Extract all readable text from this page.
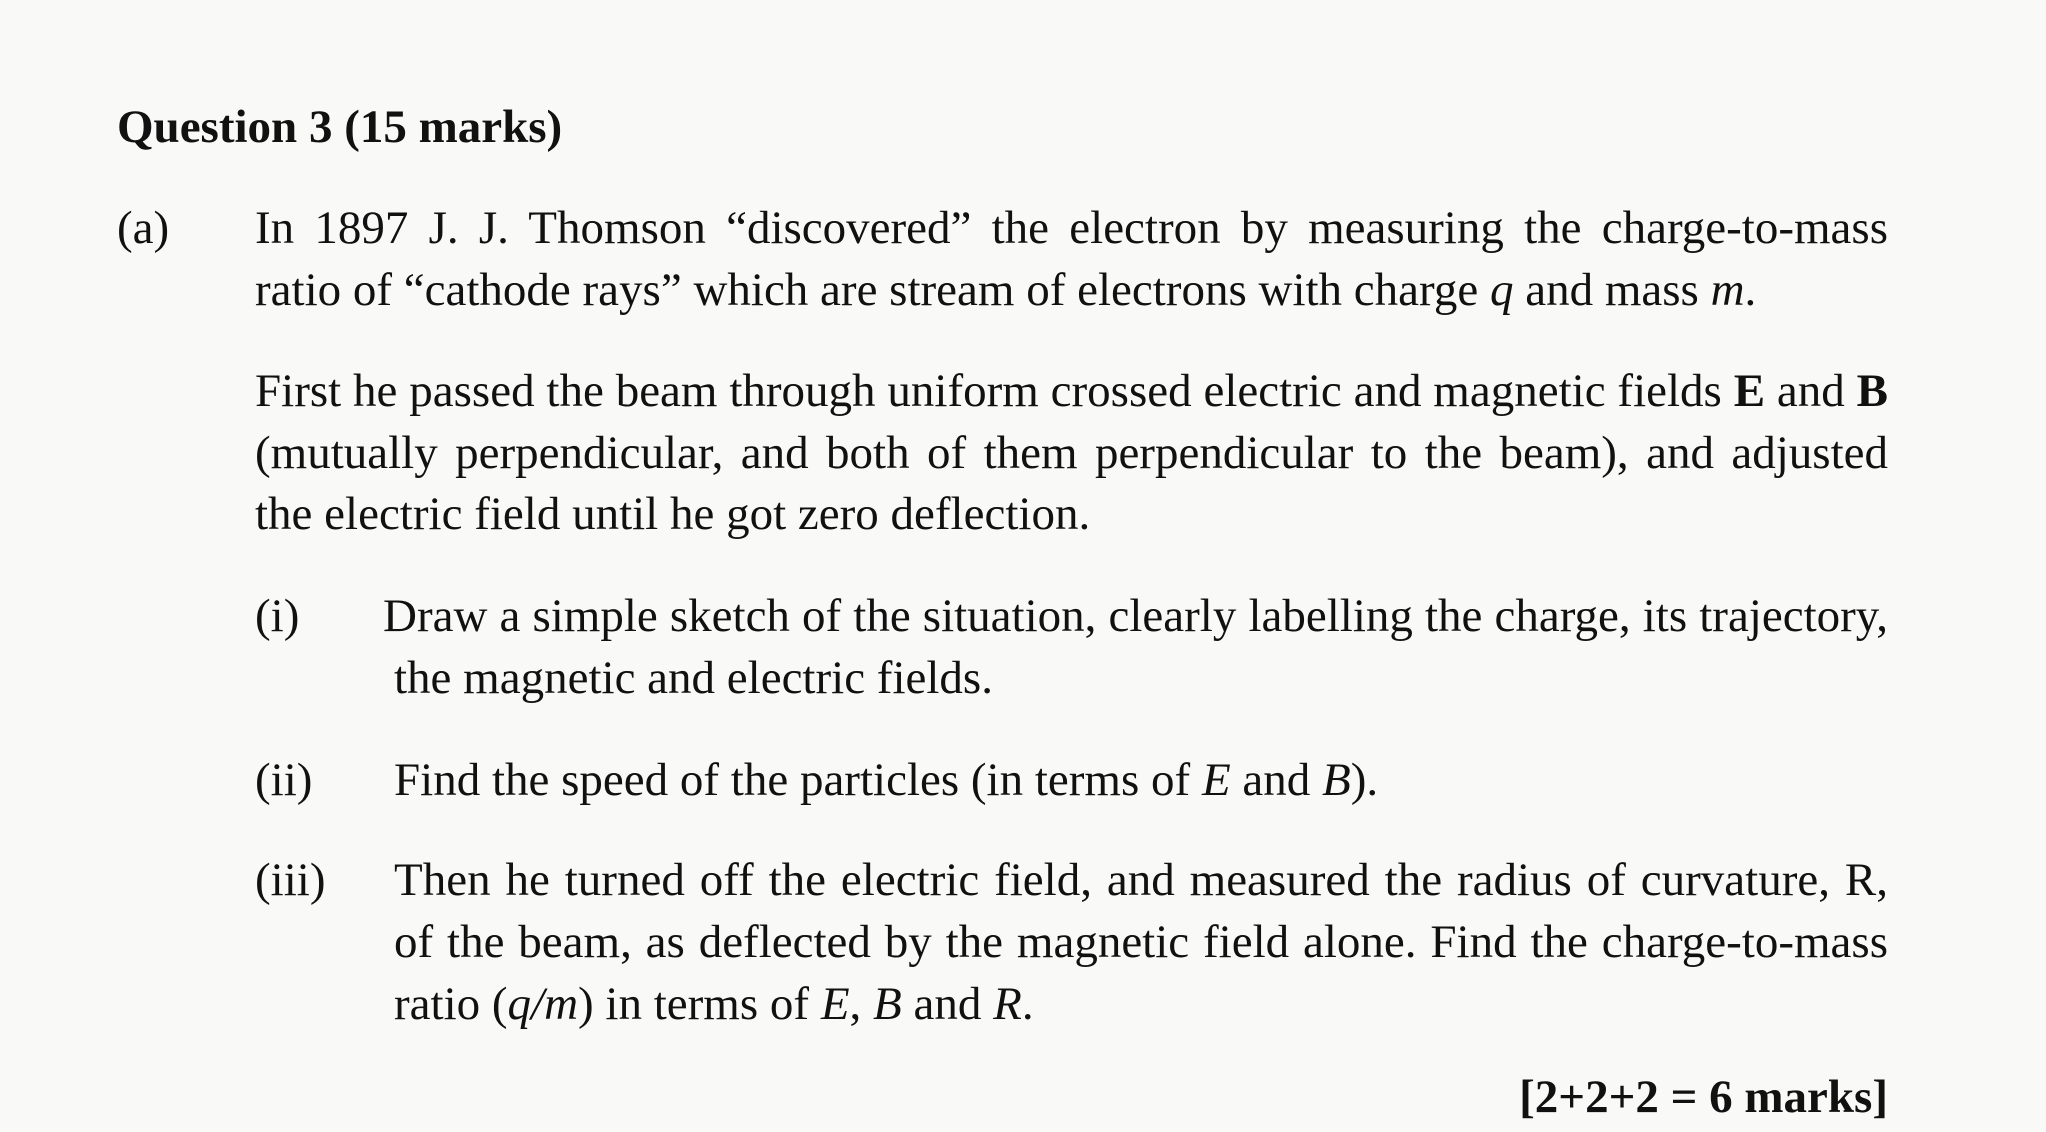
Question 3 (15 marks)
(a) In 1897 J. J. Thomson “discovered” the electron by measuring the charge-to-mass
ratio of “cathode rays” which are stream of electrons with charge q and mass m.
First he passed the beam through uniform crossed electric and magnetic fields E and B
(mutually perpendicular, and both of them perpendicular to the beam), and adjusted
the electric field until he got zero deflection.
(i) Draw a simple sketch of the situation, clearly labelling the charge, its trajectory,
the magnetic and electric fields.
(ii) Find the speed of the particles (in terms of E and B).
(iii) Then he turned off the electric field, and measured the radius of curvature, R,
of the beam, as deflected by the magnetic field alone. Find the charge-to-mass
ratio (q/m) in terms of E, B and R.
[2+2+2 = 6 marks]
